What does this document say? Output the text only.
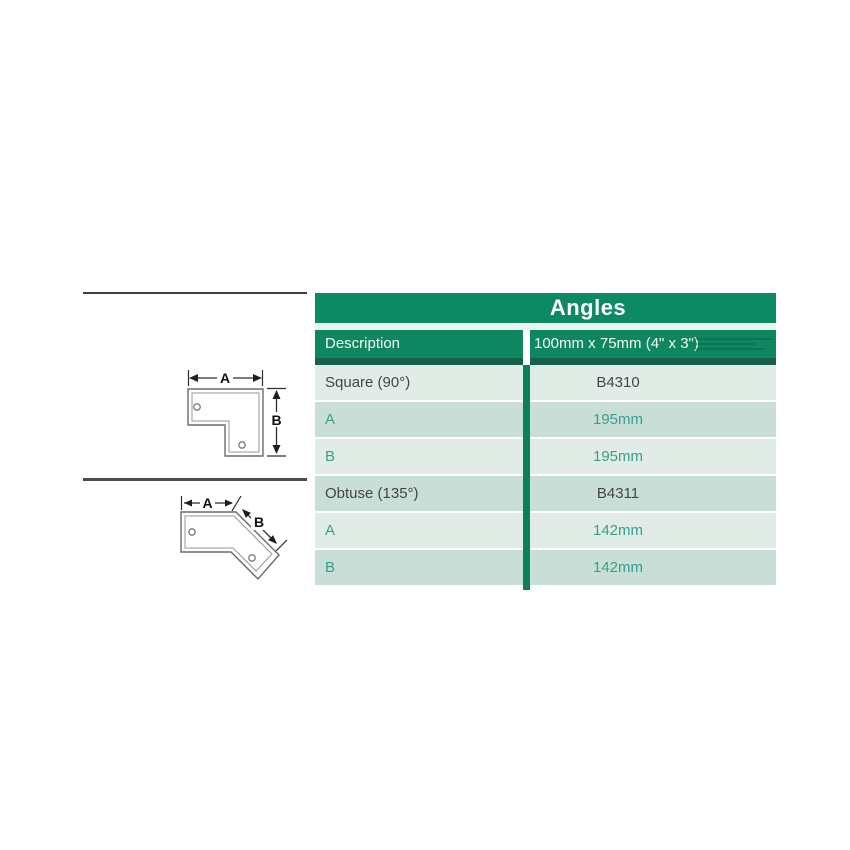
A
B
A
B
Angles
Description	100mm x 75mm (4" x 3")
Square (90°)	B4310
A	195mm
B	195mm
Obtuse (135°)	B4311
A	142mm
B	142mm
